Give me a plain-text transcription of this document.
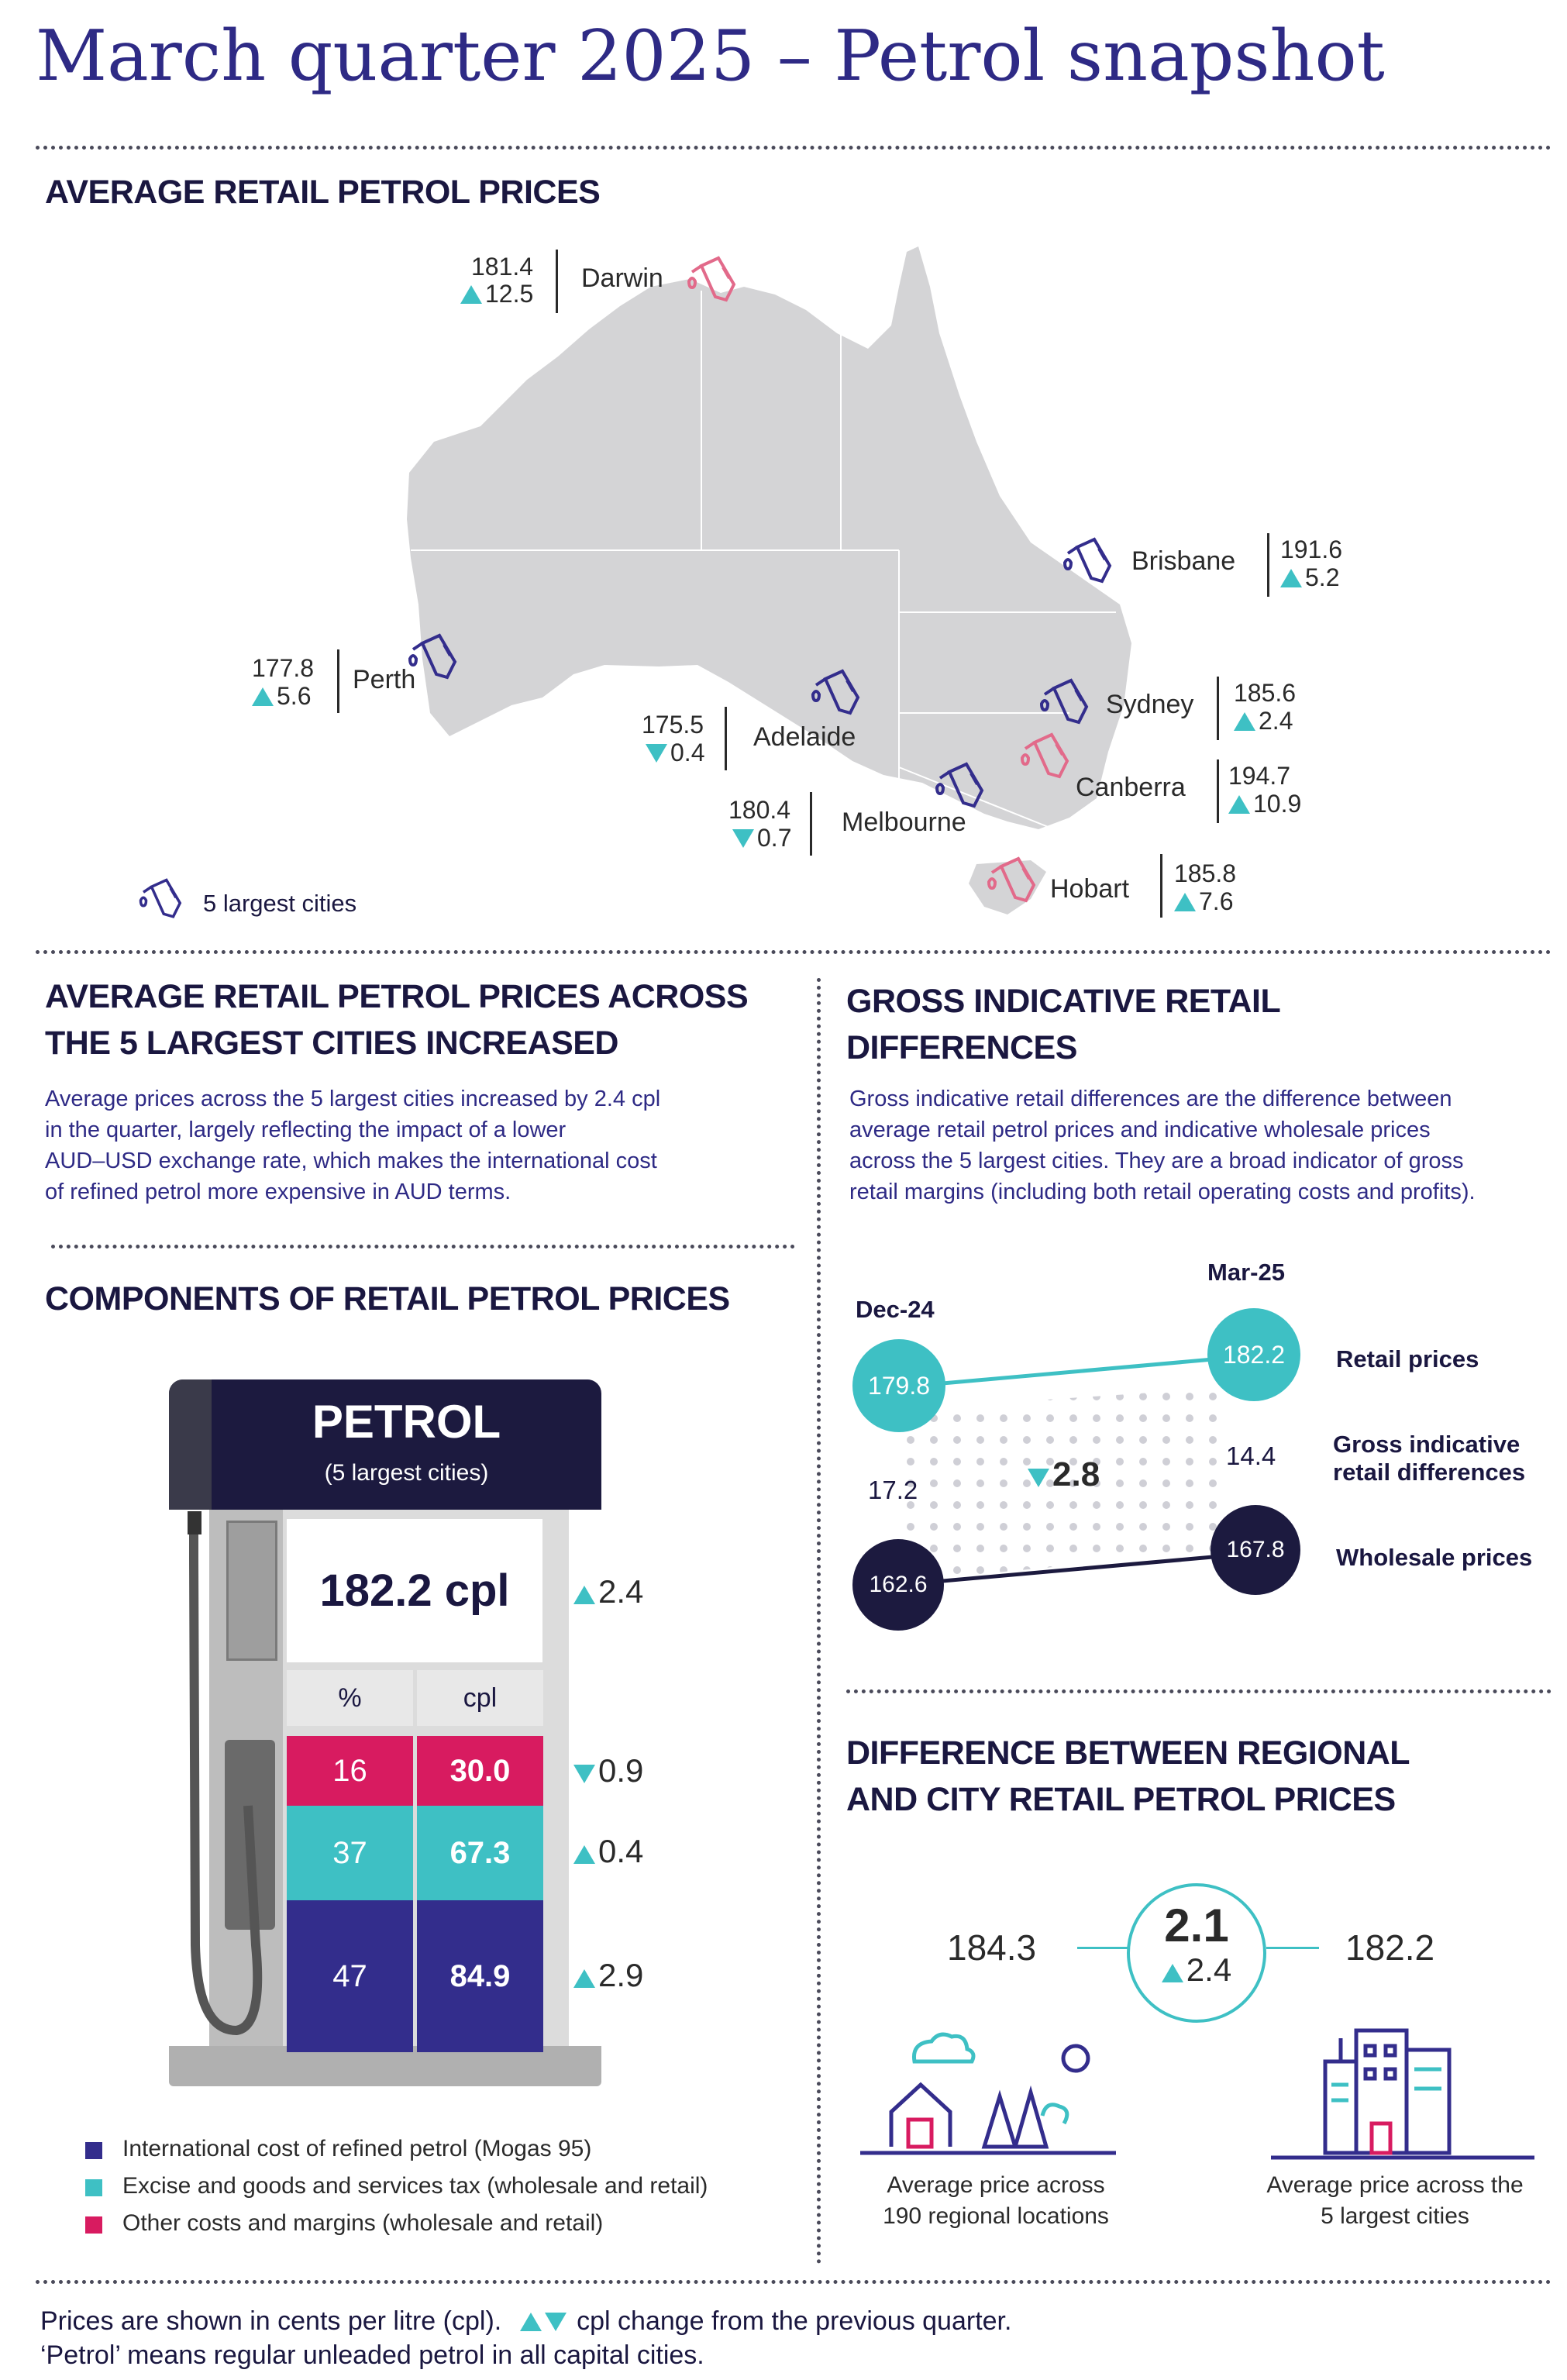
March quarter 2025 – Petrol snapshot
AVERAGE RETAIL PETROL PRICES
181.4
12.5
Darwin
Brisbane 191.6
5.2
177.8
5.6
Perth
175.5
0.4
Adelaide
Sydney 185.6
2.4
Canberra 194.7
10.9
180.4
0.7
Melbourne
Hobart
185.8
7.6
5 largest cities
AVERAGE RETAIL PETROL PRICES ACROSS
THE 5 LARGEST CITIES INCREASED
Average prices across the 5 largest cities increased by 2.4 cpl
in the quarter, largely reflecting the impact of a lower
AUD–USD exchange rate, which makes the international cost
of refined petrol more expensive in AUD terms.
COMPONENTS OF RETAIL PETROL PRICES
PETROL
(5 largest cities)
182.2 cpl	2.4
%	cpl
16	30.0	0.9
37	67.3	0.4
47	84.9	2.9
International cost of refined petrol (Mogas 95)
Excise and goods and services tax (wholesale and retail)
Other costs and margins (wholesale and retail)
GROSS INDICATIVE RETAIL
DIFFERENCES
Gross indicative retail differences are the difference between
average retail petrol prices and indicative wholesale prices
across the 5 largest cities. They are a broad indicator of gross
retail margins (including both retail operating costs and profits).
Dec-24
Mar-25
179.8
182.2
162.6
167.8
17.2
14.4
2.8
Retail prices
Gross indicative
retail differences
Wholesale prices
DIFFERENCE BETWEEN REGIONAL
AND CITY RETAIL PETROL PRICES
184.3	2.1
2.4
182.2
Average price across
190 regional locations
Average price across the
5 largest cities
Prices are shown in cents per litre (cpl).	cpl change from the previous quarter.
‘Petrol’ means regular unleaded petrol in all capital cities.
